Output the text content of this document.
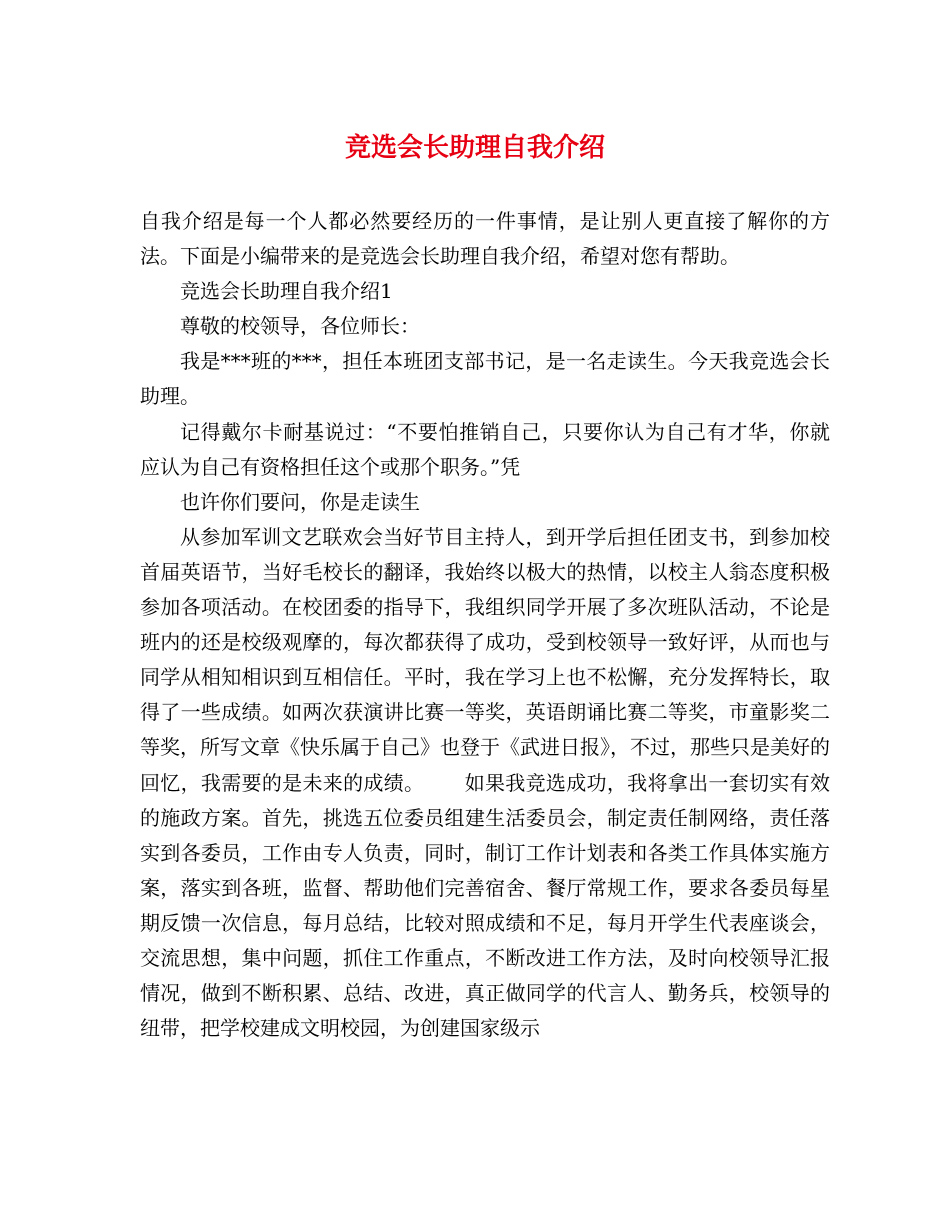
竞选会长助理自我介绍

自我介绍是每一个人都必然要经历的一件事情，是让别人更直接了解你的方法。下面是小编带来的是竞选会长助理自我介绍，希望对您有帮助。

竞选会长助理自我介绍1

尊敬的校领导，各位师长：

我是***班的***，担任本班团支部书记，是一名走读生。今天我竞选会长助理。

记得戴尔卡耐基说过：“不要怕推销自己，只要你认为自己有才华，你就应认为自己有资格担任这个或那个职务。”凭

也许你们要问，你是走读生

从参加军训文艺联欢会当好节目主持人，到开学后担任团支书，到参加校首届英语节，当好毛校长的翻译，我始终以极大的热情，以校主人翁态度积极参加各项活动。在校团委的指导下，我组织同学开展了多次班队活动，不论是班内的还是校级观摩的，每次都获得了成功，受到校领导一致好评，从而也与同学从相知相识到互相信任。平时，我在学习上也不松懈，充分发挥特长，取得了一些成绩。如两次获演讲比赛一等奖，英语朗诵比赛二等奖，市童影奖二等奖，所写文章《快乐属于自己》也登于《武进日报》，不过，那些只是美好的回忆，我需要的是未来的成绩。 如果我竞选成功，我将拿出一套切实有效的施政方案。首先，挑选五位委员组建生活委员会，制定责任制网络，责任落实到各委员，工作由专人负责，同时，制订工作计划表和各类工作具体实施方案，落实到各班，监督、帮助他们完善宿舍、餐厅常规工作，要求各委员每星期反馈一次信息，每月总结，比较对照成绩和不足，每月开学生代表座谈会，交流思想，集中问题，抓住工作重点，不断改进工作方法，及时向校领导汇报情况，做到不断积累、总结、改进，真正做同学的代言人、勤务兵，校领导的纽带，把学校建成文明校园，为创建国家级示
